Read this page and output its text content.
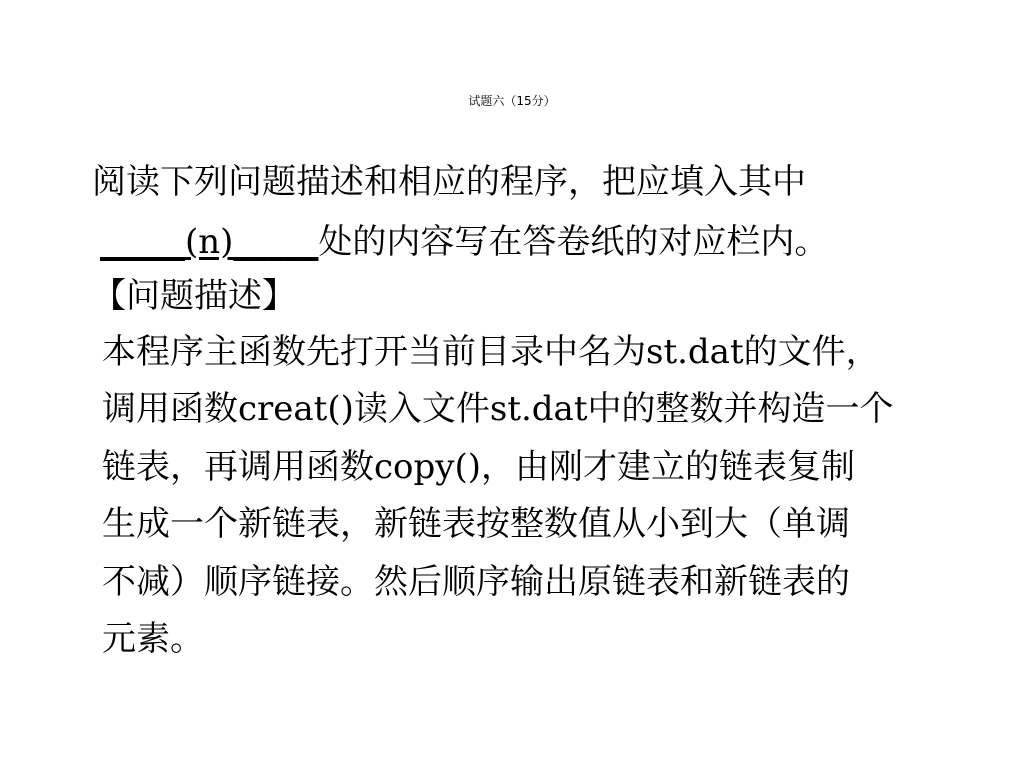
试题六（15分）
阅读下列问题描述和相应的程序，把应填入其中
_____(n)_____处的内容写在答卷纸的对应栏内。
【问题描述】
本程序主函数先打开当前目录中名为st.dat的文件，
调用函数creat()读入文件st.dat中的整数并构造一个
链表，再调用函数copy()，由刚才建立的链表复制
生成一个新链表，新链表按整数值从小到大（单调
不减）顺序链接。然后顺序输出原链表和新链表的
元素。
